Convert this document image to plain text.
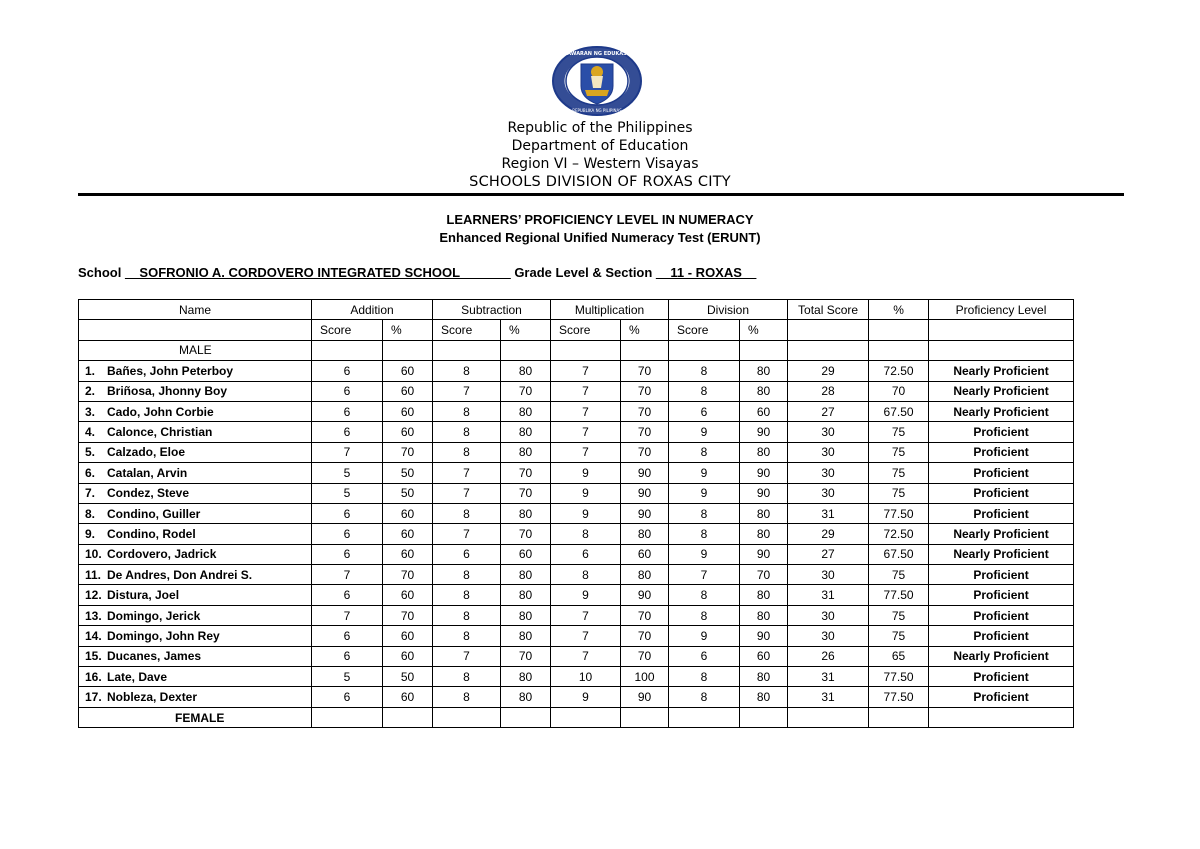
KAGAWARAN NG EDUKASYON
REPUBLIKA NG PILIPINAS
Republic of the Philippines
Department of Education
Region VI – Western Visayas
SCHOOLS DIVISION OF ROXAS CITY
LEARNERS’ PROFICIENCY LEVEL IN NUMERACY
Enhanced Regional Unified Numeracy Test (ERUNT)
School __SOFRONIO A. CORDOVERO INTEGRATED SCHOOL_______ Grade Level & Section __11 - ROXAS__
Name	Addition		Subtraction		Multiplication		Division		Total Score	%	Proficiency Level
	Score	%	Score	%	Score	%	Score	%			
MALE											
1. Bañes, John Peterboy	6	60	8	80	7	70	8	80	29	72.50	Nearly Proficient
2. Briñosa, Jhonny Boy	6	60	7	70	7	70	8	80	28	70	Nearly Proficient
3. Cado, John Corbie	6	60	8	80	7	70	6	60	27	67.50	Nearly Proficient
4. Calonce, Christian	6	60	8	80	7	70	9	90	30	75	Proficient
5. Calzado, Eloe	7	70	8	80	7	70	8	80	30	75	Proficient
6. Catalan, Arvin	5	50	7	70	9	90	9	90	30	75	Proficient
7. Condez, Steve	5	50	7	70	9	90	9	90	30	75	Proficient
8. Condino, Guiller	6	60	8	80	9	90	8	80	31	77.50	Proficient
9. Condino, Rodel	6	60	7	70	8	80	8	80	29	72.50	Nearly Proficient
10. Cordovero, Jadrick	6	60	6	60	6	60	9	90	27	67.50	Nearly Proficient
11. De Andres, Don Andrei S.	7	70	8	80	8	80	7	70	30	75	Proficient
12. Distura, Joel	6	60	8	80	9	90	8	80	31	77.50	Proficient
13. Domingo, Jerick	7	70	8	80	7	70	8	80	30	75	Proficient
14. Domingo, John Rey	6	60	8	80	7	70	9	90	30	75	Proficient
15. Ducanes, James	6	60	7	70	7	70	6	60	26	65	Nearly Proficient
16. Late, Dave	5	50	8	80	10	100	8	80	31	77.50	Proficient
17. Nobleza, Dexter	6	60	8	80	9	90	8	80	31	77.50	Proficient
FEMALE											
